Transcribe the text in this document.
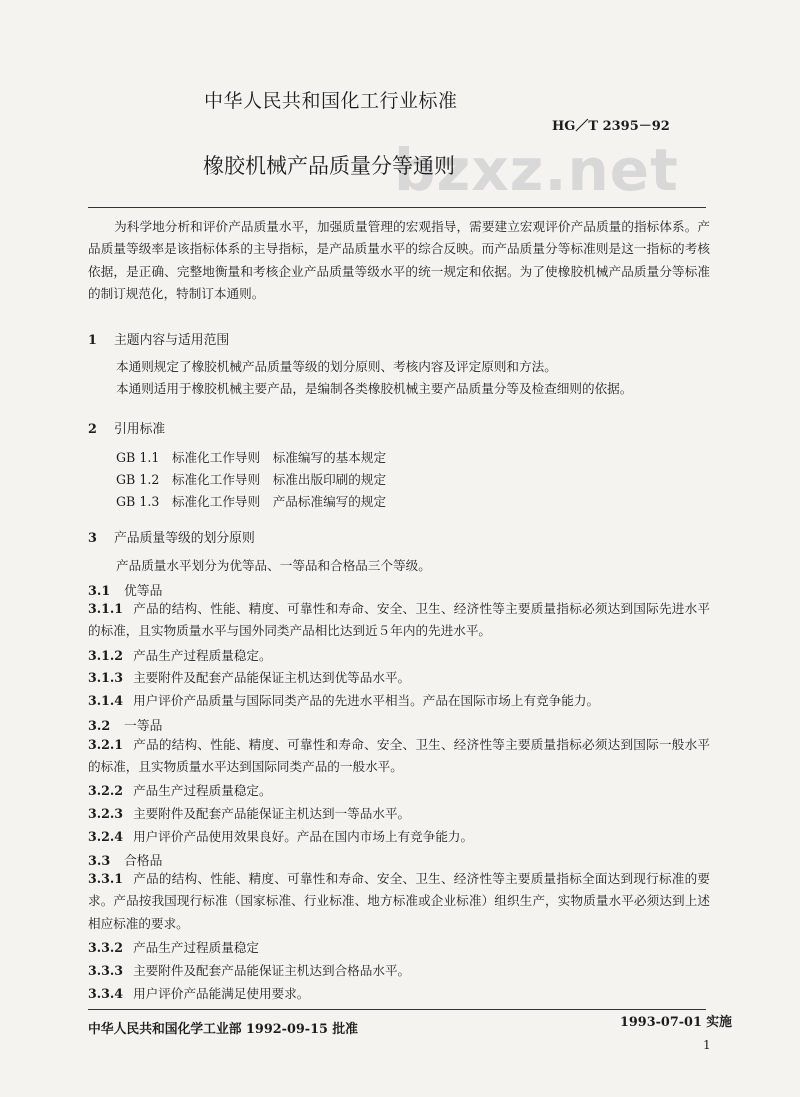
中华人民共和国化工行业标准
HG／T 2395－92
bzxz.net
橡胶机械产品质量分等通则
为科学地分析和评价产品质量水平，加强质量管理的宏观指导，需要建立宏观评价产品质量的指标体系。产品质量等级率是该指标体系的主导指标，是产品质量水平的综合反映。而产品质量分等标准则是这一指标的考核依据，是正确、完整地衡量和考核企业产品质量等级水平的统一规定和依据。为了使橡胶机械产品质量分等标准的制订规范化，特制订本通则。
1 主题内容与适用范围
本通则规定了橡胶机械产品质量等级的划分原则、考核内容及评定原则和方法。
本通则适用于橡胶机械主要产品，是编制各类橡胶机械主要产品质量分等及检查细则的依据。
2 引用标准
GB 1.1　标准化工作导则　标准编写的基本规定
GB 1.2　标准化工作导则　标准出版印刷的规定
GB 1.3　标准化工作导则　产品标准编写的规定
3 产品质量等级的划分原则
产品质量水平划分为优等品、一等品和合格品三个等级。
3.1 优等品
3.1.1 产品的结构、性能、精度、可靠性和寿命、安全、卫生、经济性等主要质量指标必须达到国际先进水平的标准，且实物质量水平与国外同类产品相比达到近５年内的先进水平。
3.1.2 产品生产过程质量稳定。
3.1.3 主要附件及配套产品能保证主机达到优等品水平。
3.1.4 用户评价产品质量与国际同类产品的先进水平相当。产品在国际市场上有竞争能力。
3.2 一等品
3.2.1 产品的结构、性能、精度、可靠性和寿命、安全、卫生、经济性等主要质量指标必须达到国际一般水平的标准，且实物质量水平达到国际同类产品的一般水平。
3.2.2 产品生产过程质量稳定。
3.2.3 主要附件及配套产品能保证主机达到一等品水平。
3.2.4 用户评价产品使用效果良好。产品在国内市场上有竞争能力。
3.3 合格品
3.3.1 产品的结构、性能、精度、可靠性和寿命、安全、卫生、经济性等主要质量指标全面达到现行标准的要求。产品按我国现行标准（国家标准、行业标准、地方标准或企业标准）组织生产，实物质量水平必须达到上述相应标准的要求。
3.3.2 产品生产过程质量稳定
3.3.3 主要附件及配套产品能保证主机达到合格品水平。
3.3.4 用户评价产品能满足使用要求。
中华人民共和国化学工业部 1992-09-15 批准	1993-07-01 实施
1
